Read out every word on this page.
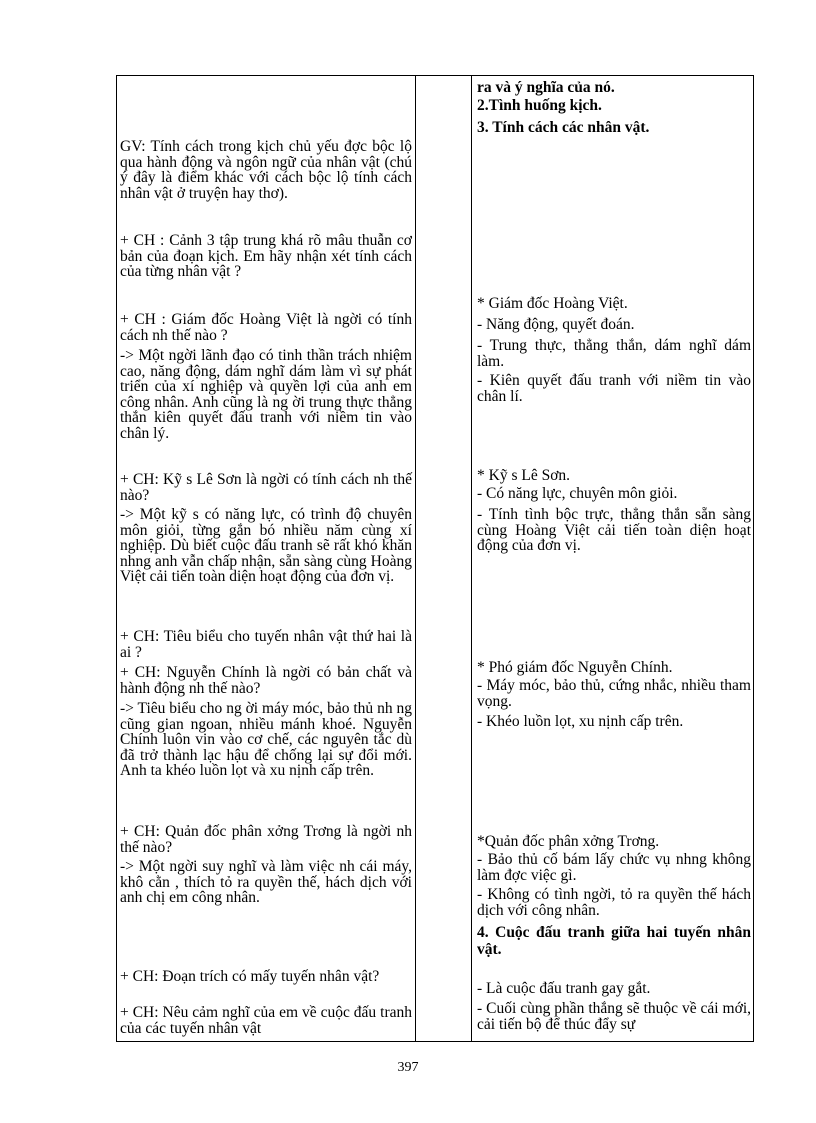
GV: Tính cách trong kịch chủ yếu đợc bộc lộ qua hành động và ngôn ngữ của nhân vật (chú ý đây là điểm khác với cách bộc lộ tính cách nhân vật ở truyện hay thơ).

+ CH : Cảnh 3 tập trung khá rõ mâu thuẫn cơ bản của đoạn kịch. Em hãy nhận xét tính cách của từng nhân vật ?

+ CH : Giám đốc Hoàng Việt là ngời có tính cách nh thế nào ?

-> Một ngời lãnh đạo có tinh thần trách nhiệm cao, năng động, dám nghĩ dám làm vì sự phát triển của xí nghiệp và quyền lợi của anh em công nhân. Anh cũng là ng ời trung thực thẳng thắn kiên quyết đấu tranh với niềm tin vào chân lý.

+ CH: Kỹ s Lê Sơn là ngời có tính cách nh thế nào?

-> Một kỹ s có năng lực, có trình độ chuyên môn giỏi, từng gắn bó nhiều năm cùng xí nghiệp. Dù biết cuộc đấu tranh sẽ rất khó khăn nhng anh vẫn chấp nhận, sẵn sàng cùng Hoàng Việt cải tiến toàn diện hoạt động của đơn vị.

+ CH: Tiêu biểu cho tuyến nhân vật thứ hai là ai ?

+ CH: Nguyễn Chính là ngời có bản chất và hành động nh thế nào?

-> Tiêu biểu cho ng ời máy móc, bảo thủ nh ng cũng gian ngoan, nhiều mánh khoé. Nguyễn Chính luôn vin vào cơ chế, các nguyên tắc dù đã trở thành lạc hậu để chống lại sự đổi mới. Anh ta khéo luồn lọt và xu nịnh cấp trên.

+ CH: Quản đốc phân xởng Trơng là ngời nh thế nào?

-> Một ngời suy nghĩ và làm việc nh cái máy, khô cằn , thích tỏ ra quyền thế, hách dịch với anh chị em công nhân.

+ CH: Đoạn trích có mấy tuyến nhân vật?

+ CH: Nêu cảm nghĩ của em về cuộc đấu tranh của các tuyến nhân vật

ra và ý nghĩa của nó.

2.Tình huống kịch.

3. Tính cách các nhân vật.

* Giám đốc Hoàng Việt.

- Năng động, quyết đoán.

- Trung thực, thẳng thắn, dám nghĩ dám làm.

- Kiên quyết đấu tranh với niềm tin vào chân lí.

* Kỹ s Lê Sơn.

- Có năng lực, chuyên môn giỏi.

- Tính tình bộc trực, thẳng thắn sẵn sàng cùng Hoàng Việt cải tiến toàn diện hoạt động của đơn vị.

* Phó giám đốc Nguyễn Chính.

- Máy móc, bảo thủ, cứng nhắc, nhiều tham vọng.

- Khéo luồn lọt, xu nịnh cấp trên.

*Quản đốc phân xởng Trơng.

- Bảo thủ cố bám lấy chức vụ nhng không làm đợc việc gì.

- Không có tình ngời, tỏ ra quyền thế hách dịch với công nhân.

4. Cuộc đấu tranh giữa hai tuyến nhân vật.

- Là cuộc đấu tranh gay gắt.

- Cuối cùng phần thắng sẽ thuộc về cái mới, cải tiến bộ để thúc đẩy sự

397
